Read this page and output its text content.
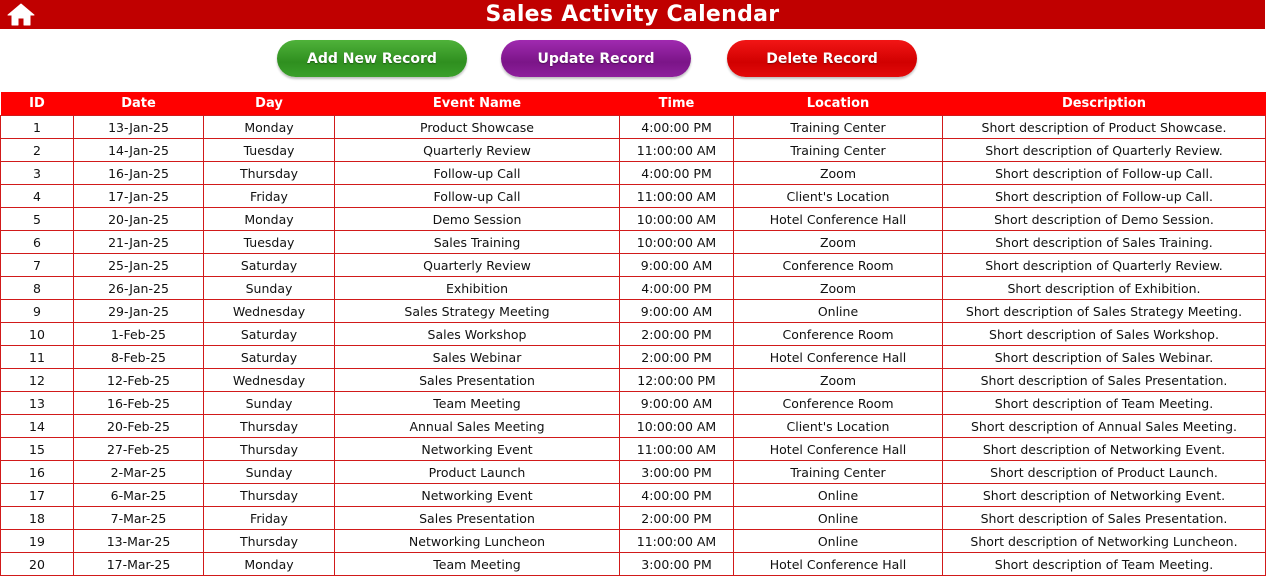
Sales Activity Calendar
Add New Record	Update Record	Delete Record
ID	Date	Day	Event Name	Time	Location	Description
1	13-Jan-25	Monday	Product Showcase	4:00:00 PM	Training Center	Short description of Product Showcase.
2	14-Jan-25	Tuesday	Quarterly Review	11:00:00 AM	Training Center	Short description of Quarterly Review.
3	16-Jan-25	Thursday	Follow-up Call	4:00:00 PM	Zoom	Short description of Follow-up Call.
4	17-Jan-25	Friday	Follow-up Call	11:00:00 AM	Client's Location	Short description of Follow-up Call.
5	20-Jan-25	Monday	Demo Session	10:00:00 AM	Hotel Conference Hall	Short description of Demo Session.
6	21-Jan-25	Tuesday	Sales Training	10:00:00 AM	Zoom	Short description of Sales Training.
7	25-Jan-25	Saturday	Quarterly Review	9:00:00 AM	Conference Room	Short description of Quarterly Review.
8	26-Jan-25	Sunday	Exhibition	4:00:00 PM	Zoom	Short description of Exhibition.
9	29-Jan-25	Wednesday	Sales Strategy Meeting	9:00:00 AM	Online	Short description of Sales Strategy Meeting.
10	1-Feb-25	Saturday	Sales Workshop	2:00:00 PM	Conference Room	Short description of Sales Workshop.
11	8-Feb-25	Saturday	Sales Webinar	2:00:00 PM	Hotel Conference Hall	Short description of Sales Webinar.
12	12-Feb-25	Wednesday	Sales Presentation	12:00:00 PM	Zoom	Short description of Sales Presentation.
13	16-Feb-25	Sunday	Team Meeting	9:00:00 AM	Conference Room	Short description of Team Meeting.
14	20-Feb-25	Thursday	Annual Sales Meeting	10:00:00 AM	Client's Location	Short description of Annual Sales Meeting.
15	27-Feb-25	Thursday	Networking Event	11:00:00 AM	Hotel Conference Hall	Short description of Networking Event.
16	2-Mar-25	Sunday	Product Launch	3:00:00 PM	Training Center	Short description of Product Launch.
17	6-Mar-25	Thursday	Networking Event	4:00:00 PM	Online	Short description of Networking Event.
18	7-Mar-25	Friday	Sales Presentation	2:00:00 PM	Online	Short description of Sales Presentation.
19	13-Mar-25	Thursday	Networking Luncheon	11:00:00 AM	Online	Short description of Networking Luncheon.
20	17-Mar-25	Monday	Team Meeting	3:00:00 PM	Hotel Conference Hall	Short description of Team Meeting.
